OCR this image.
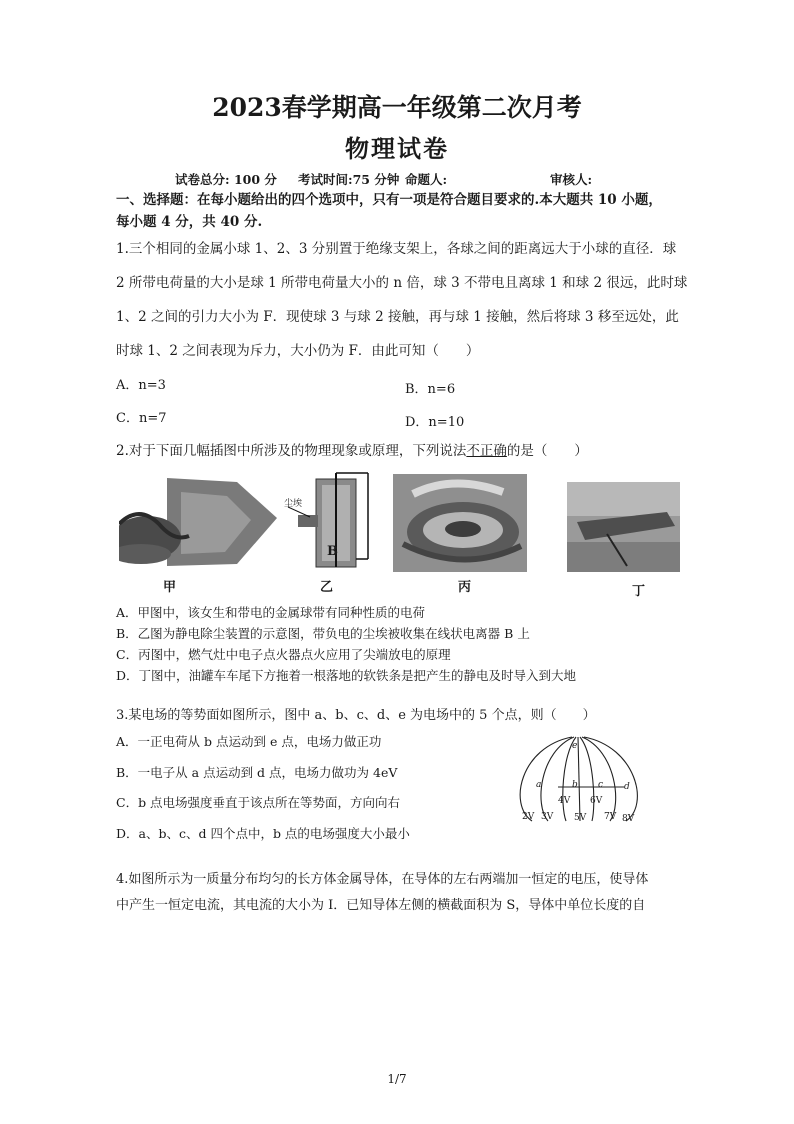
2023春学期高一年级第二次月考
物理试卷
试卷总分: 100 分 考试时间:75 分钟 命题人:	审核人:
一、选择题：在每小题给出的四个选项中，只有一项是符合题目要求的.本大题共 10 小题，
每小题 4 分，共 40 分.
1.三个相同的金属小球 1、2、3 分别置于绝缘支架上，各球之间的距离远大于小球的直径．球
2 所带电荷量的大小是球 1 所带电荷量大小的 n 倍，球 3 不带电且离球 1 和球 2 很远，此时球
1、2 之间的引力大小为 F．现使球 3 与球 2 接触，再与球 1 接触，然后将球 3 移至远处，此
时球 1、2 之间表现为斥力，大小仍为 F．由此可知（　　）
A．n=3	B．n=6
C．n=7	D．n=10
2.对于下面几幅插图中所涉及的物理现象或原理，下列说法不正确的是（　　）
尘埃
B
甲	乙	丙	丁
A．甲图中，该女生和带电的金属球带有同种性质的电荷
B．乙图为静电除尘装置的示意图，带负电的尘埃被收集在线状电离器 B 上
C．丙图中，燃气灶中电子点火器点火应用了尖端放电的原理
D．丁图中，油罐车车尾下方拖着一根落地的软铁条是把产生的静电及时导入到大地
3.某电场的等势面如图所示，图中 a、b、c、d、e 为电场中的 5 个点，则（　　）
A．一正电荷从 b 点运动到 e 点，电场力做正功
B．一电子从 a 点运动到 d 点，电场力做功为 4eV
C．b 点电场强度垂直于该点所在等势面，方向向右
D．a、b、c、d 四个点中，b 点的电场强度大小最小
e
b c
a	d
2V 3V
4V
5V
6V
7V 8V
4.如图所示为一质量分布均匀的长方体金属导体，在导体的左右两端加一恒定的电压，使导体
中产生一恒定电流，其电流的大小为 I．已知导体左侧的横截面积为 S，导体中单位长度的自
1/7
